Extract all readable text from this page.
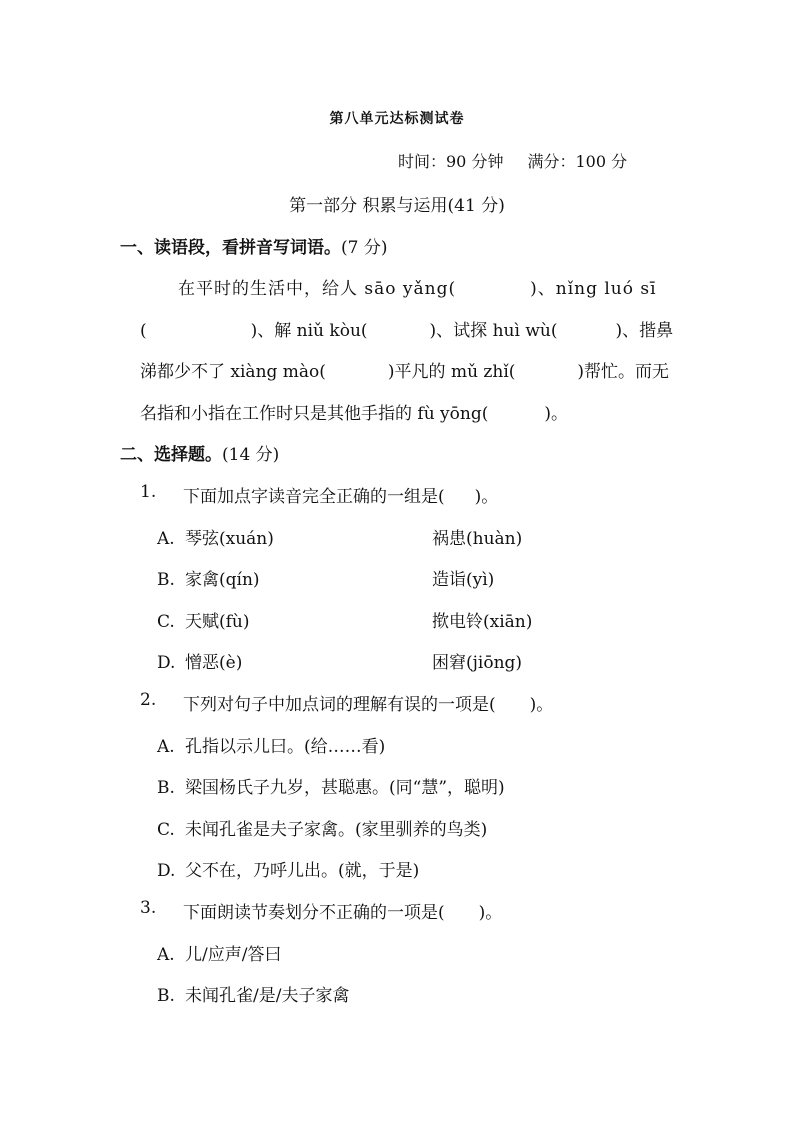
第八单元达标测试卷
时间：90 分钟 满分：100 分
第一部分 积累与运用(41 分)
一、读语段，看拼音写词语。(7 分)
在平时的生活中，给人 sāo yǎng(	)、nǐng luó sī
(	)、解 niǔ kòu(	)、试探 huì wù(	)、揩鼻
涕都少不了 xiàng mào(	)平凡的 mǔ zhǐ(	)帮忙。而无
名指和小指在工作时只是其他手指的 fù yōng(	)。
二、选择题。(14 分)
1. 下面加点字读音完全正确的一组是( )。
A. 琴弦(xuán)	祸患(huàn)
B. 家禽(qín)	造诣(yì)
C. 天赋(fù)	揿电铃(xiān)
D. 憎恶(è)	困窘(jiōng)
2. 下列对句子中加点词的理解有误的一项是( )。
A. 孔指以示儿曰。(给……看)
B. 梁国杨氏子九岁，甚聪惠。(同“慧”，聪明)
C. 未闻孔雀是夫子家禽。(家里驯养的鸟类)
D. 父不在，乃呼儿出。(就，于是)
3. 下面朗读节奏划分不正确的一项是( )。
A. 儿/应声/答曰
B. 未闻孔雀/是/夫子家禽
